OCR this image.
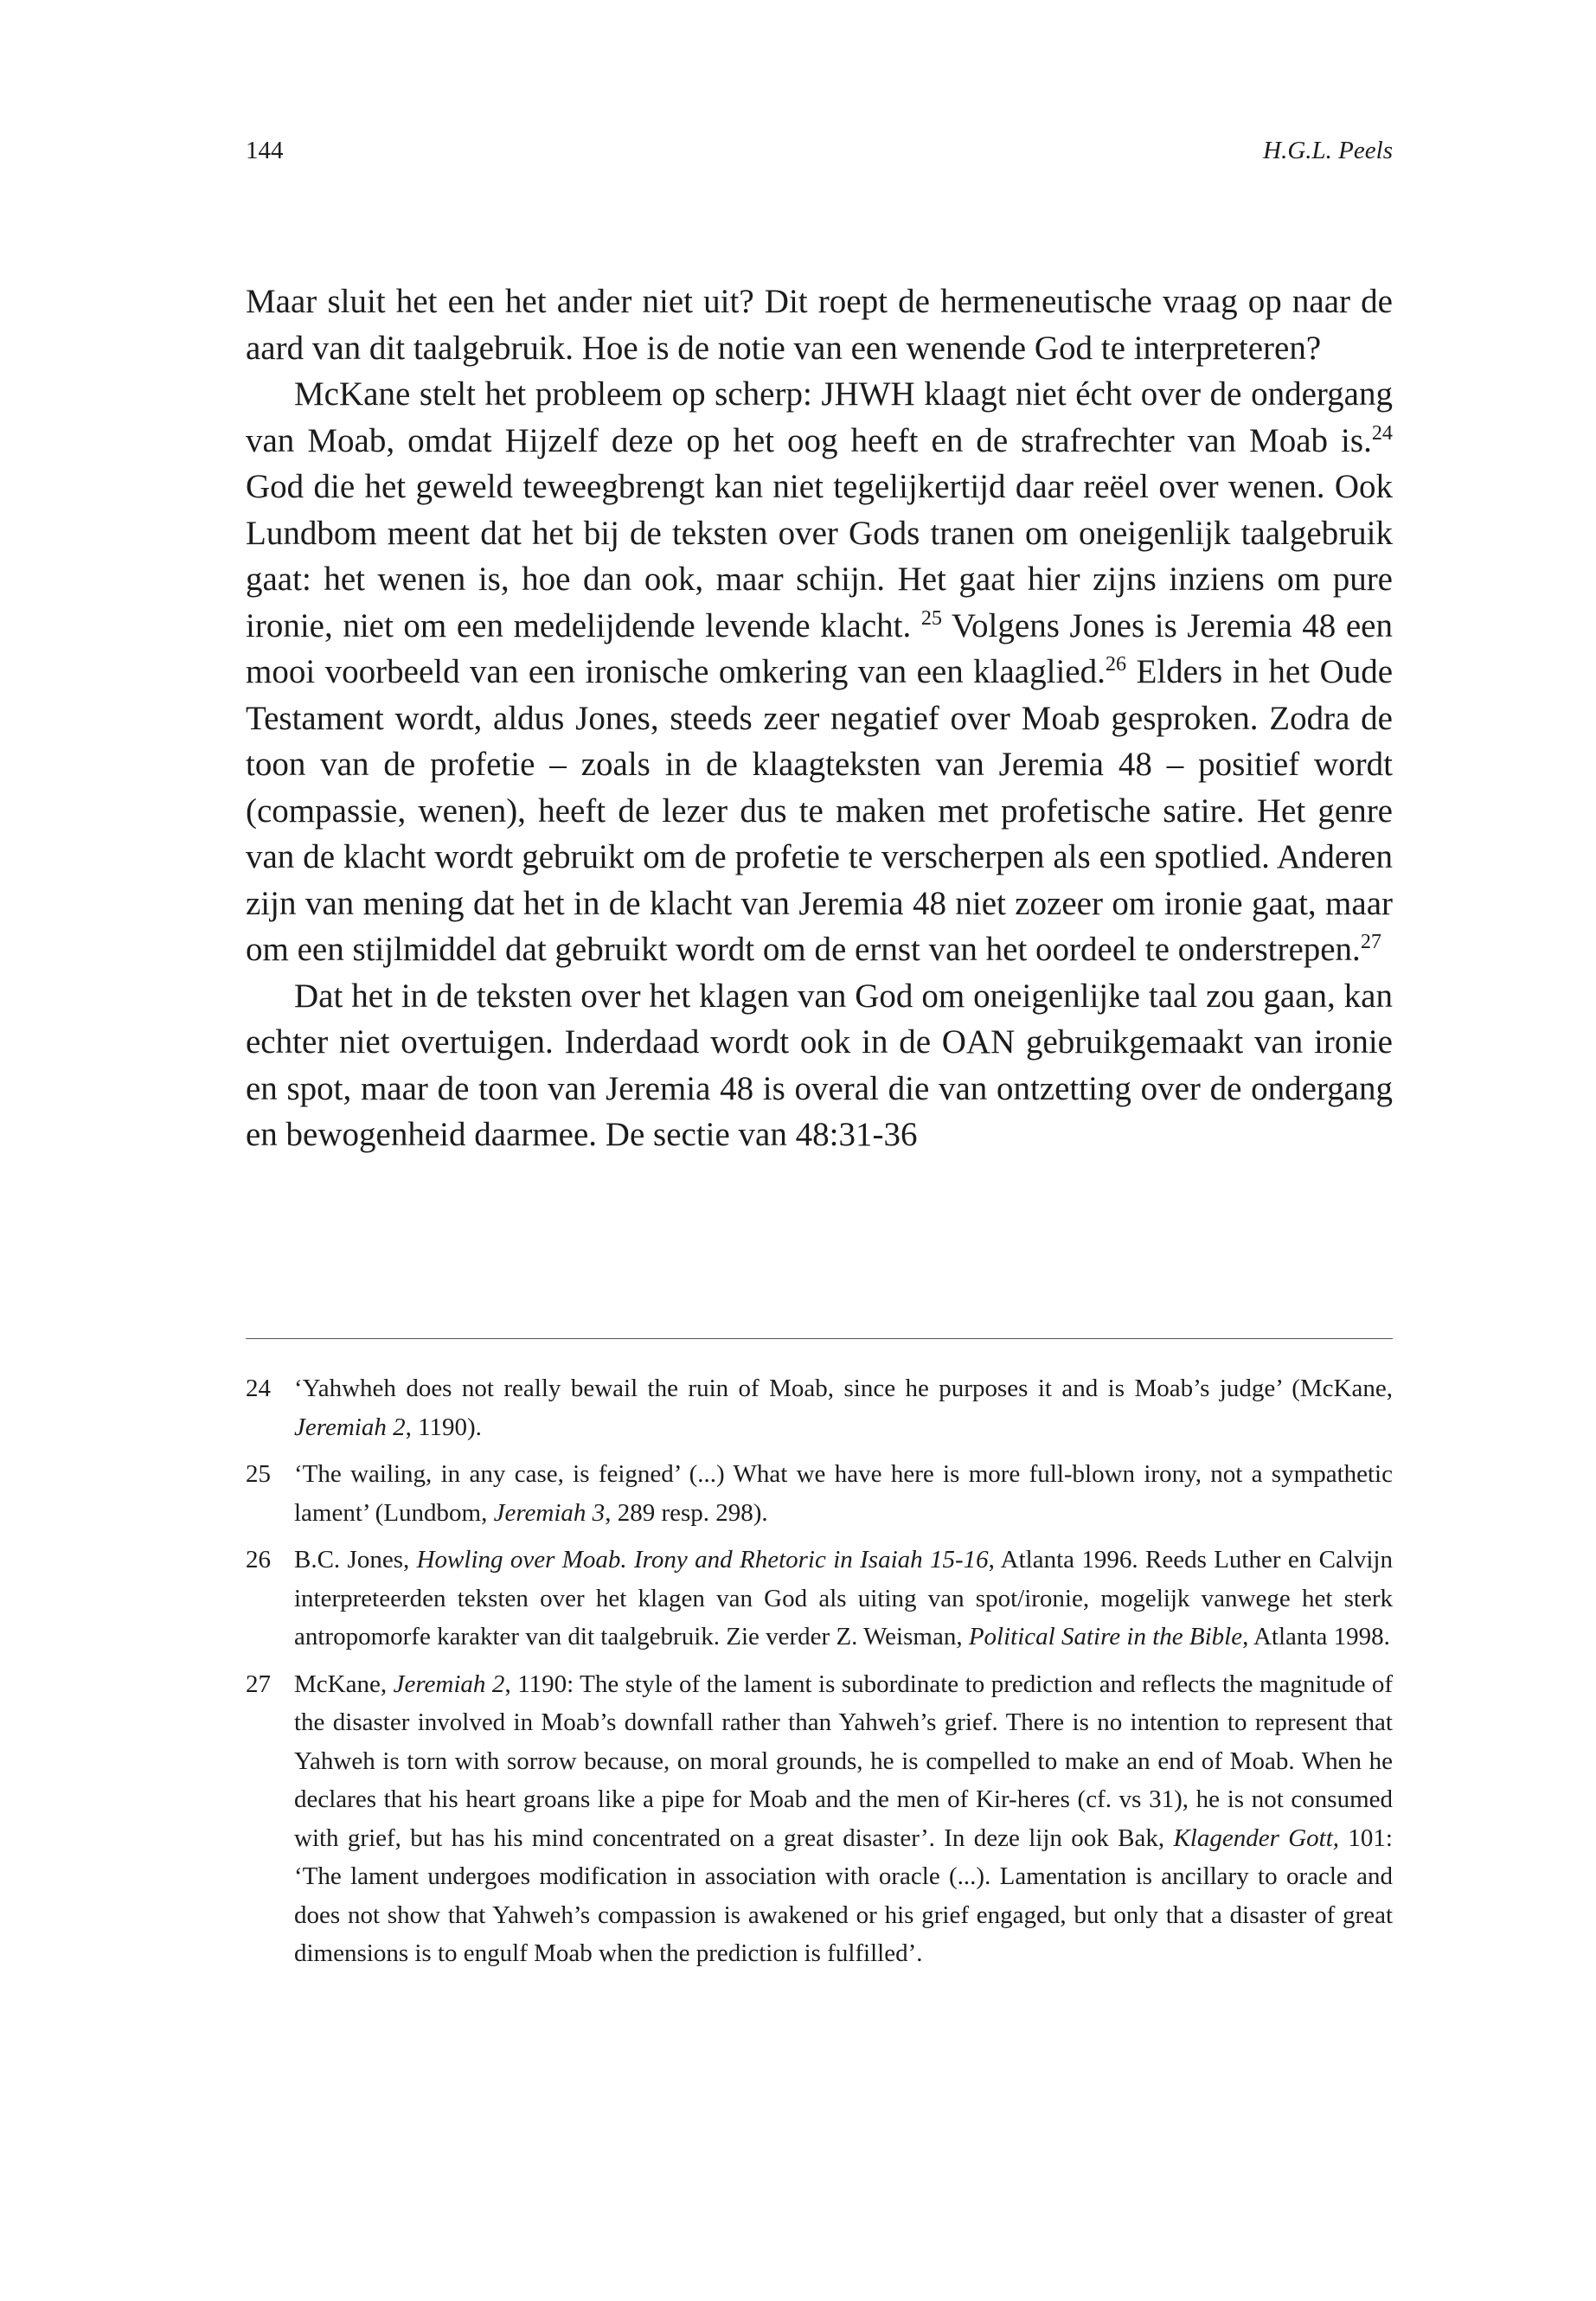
144	H.G.L. Peels

Maar sluit het een het ander niet uit? Dit roept de hermeneutische vraag op naar de aard van dit taalgebruik. Hoe is de notie van een wenende God te interpreteren?

McKane stelt het probleem op scherp: JHWH klaagt niet écht over de ondergang van Moab, omdat Hijzelf deze op het oog heeft en de strafrechter van Moab is.$^{24}$ God die het geweld teweegbrengt kan niet tegelijkertijd daar reëel over wenen. Ook Lundbom meent dat het bij de teksten over Gods tranen om oneigenlijk taalgebruik gaat: het wenen is, hoe dan ook, maar schijn. Het gaat hier zijns inziens om pure ironie, niet om een medelijdende levende klacht. $^{25}$ Volgens Jones is Jeremia 48 een mooi voorbeeld van een ironische omkering van een klaaglied.$^{26}$ Elders in het Oude Testament wordt, aldus Jones, steeds zeer negatief over Moab gesproken. Zodra de toon van de profetie – zoals in de klaagteksten van Jeremia 48 – positief wordt (compassie, wenen), heeft de lezer dus te maken met profetische satire. Het genre van de klacht wordt gebruikt om de profetie te verscherpen als een spotlied. Anderen zijn van mening dat het in de klacht van Jeremia 48 niet zozeer om ironie gaat, maar om een stijlmiddel dat gebruikt wordt om de ernst van het oordeel te onderstrepen.$^{27}$

Dat het in de teksten over het klagen van God om oneigenlijke taal zou gaan, kan echter niet overtuigen. Inderdaad wordt ook in de OAN gebruikgemaakt van ironie en spot, maar de toon van Jeremia 48 is overal die van ontzetting over de ondergang en bewogenheid daarmee. De sectie van 48:31-36

24 ‘Yahwheh does not really bewail the ruin of Moab, since he purposes it and is Moab’s judge’ (McKane, Jeremiah 2, 1190).
25 ‘The wailing, in any case, is feigned’ (...) What we have here is more full-blown irony, not a sympathetic lament’ (Lundbom, Jeremiah 3, 289 resp. 298).
26 B.C. Jones, Howling over Moab. Irony and Rhetoric in Isaiah 15-16, Atlanta 1996. Reeds Luther en Calvijn interpreteerden teksten over het klagen van God als uiting van spot/ironie, mogelijk vanwege het sterk antropomorfe karakter van dit taalgebruik. Zie verder Z. Weisman, Political Satire in the Bible, Atlanta 1998.
27 McKane, Jeremiah 2, 1190: The style of the lament is subordinate to prediction and reflects the magnitude of the disaster involved in Moab’s downfall rather than Yahweh’s grief. There is no intention to represent that Yahweh is torn with sorrow because, on moral grounds, he is compelled to make an end of Moab. When he declares that his heart groans like a pipe for Moab and the men of Kir-heres (cf. vs 31), he is not consumed with grief, but has his mind concentrated on a great disaster’. In deze lijn ook Bak, Klagender Gott, 101: ‘The lament undergoes modification in association with oracle (...). Lamentation is ancillary to oracle and does not show that Yahweh’s compassion is awakened or his grief engaged, but only that a disaster of great dimensions is to engulf Moab when the prediction is fulfilled’.
